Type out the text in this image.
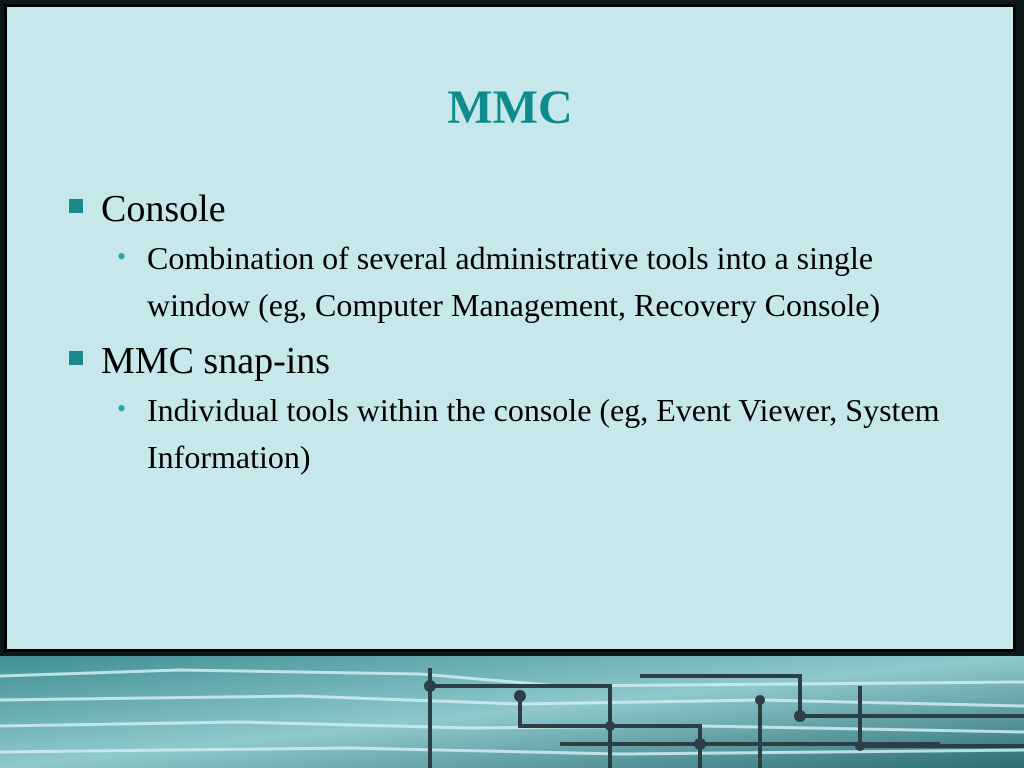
MMC
Console
• Combination of several administrative tools into a single window (eg, Computer Management, Recovery Console)
MMC snap-ins
• Individual tools within the console (eg, Event Viewer, System Information)
